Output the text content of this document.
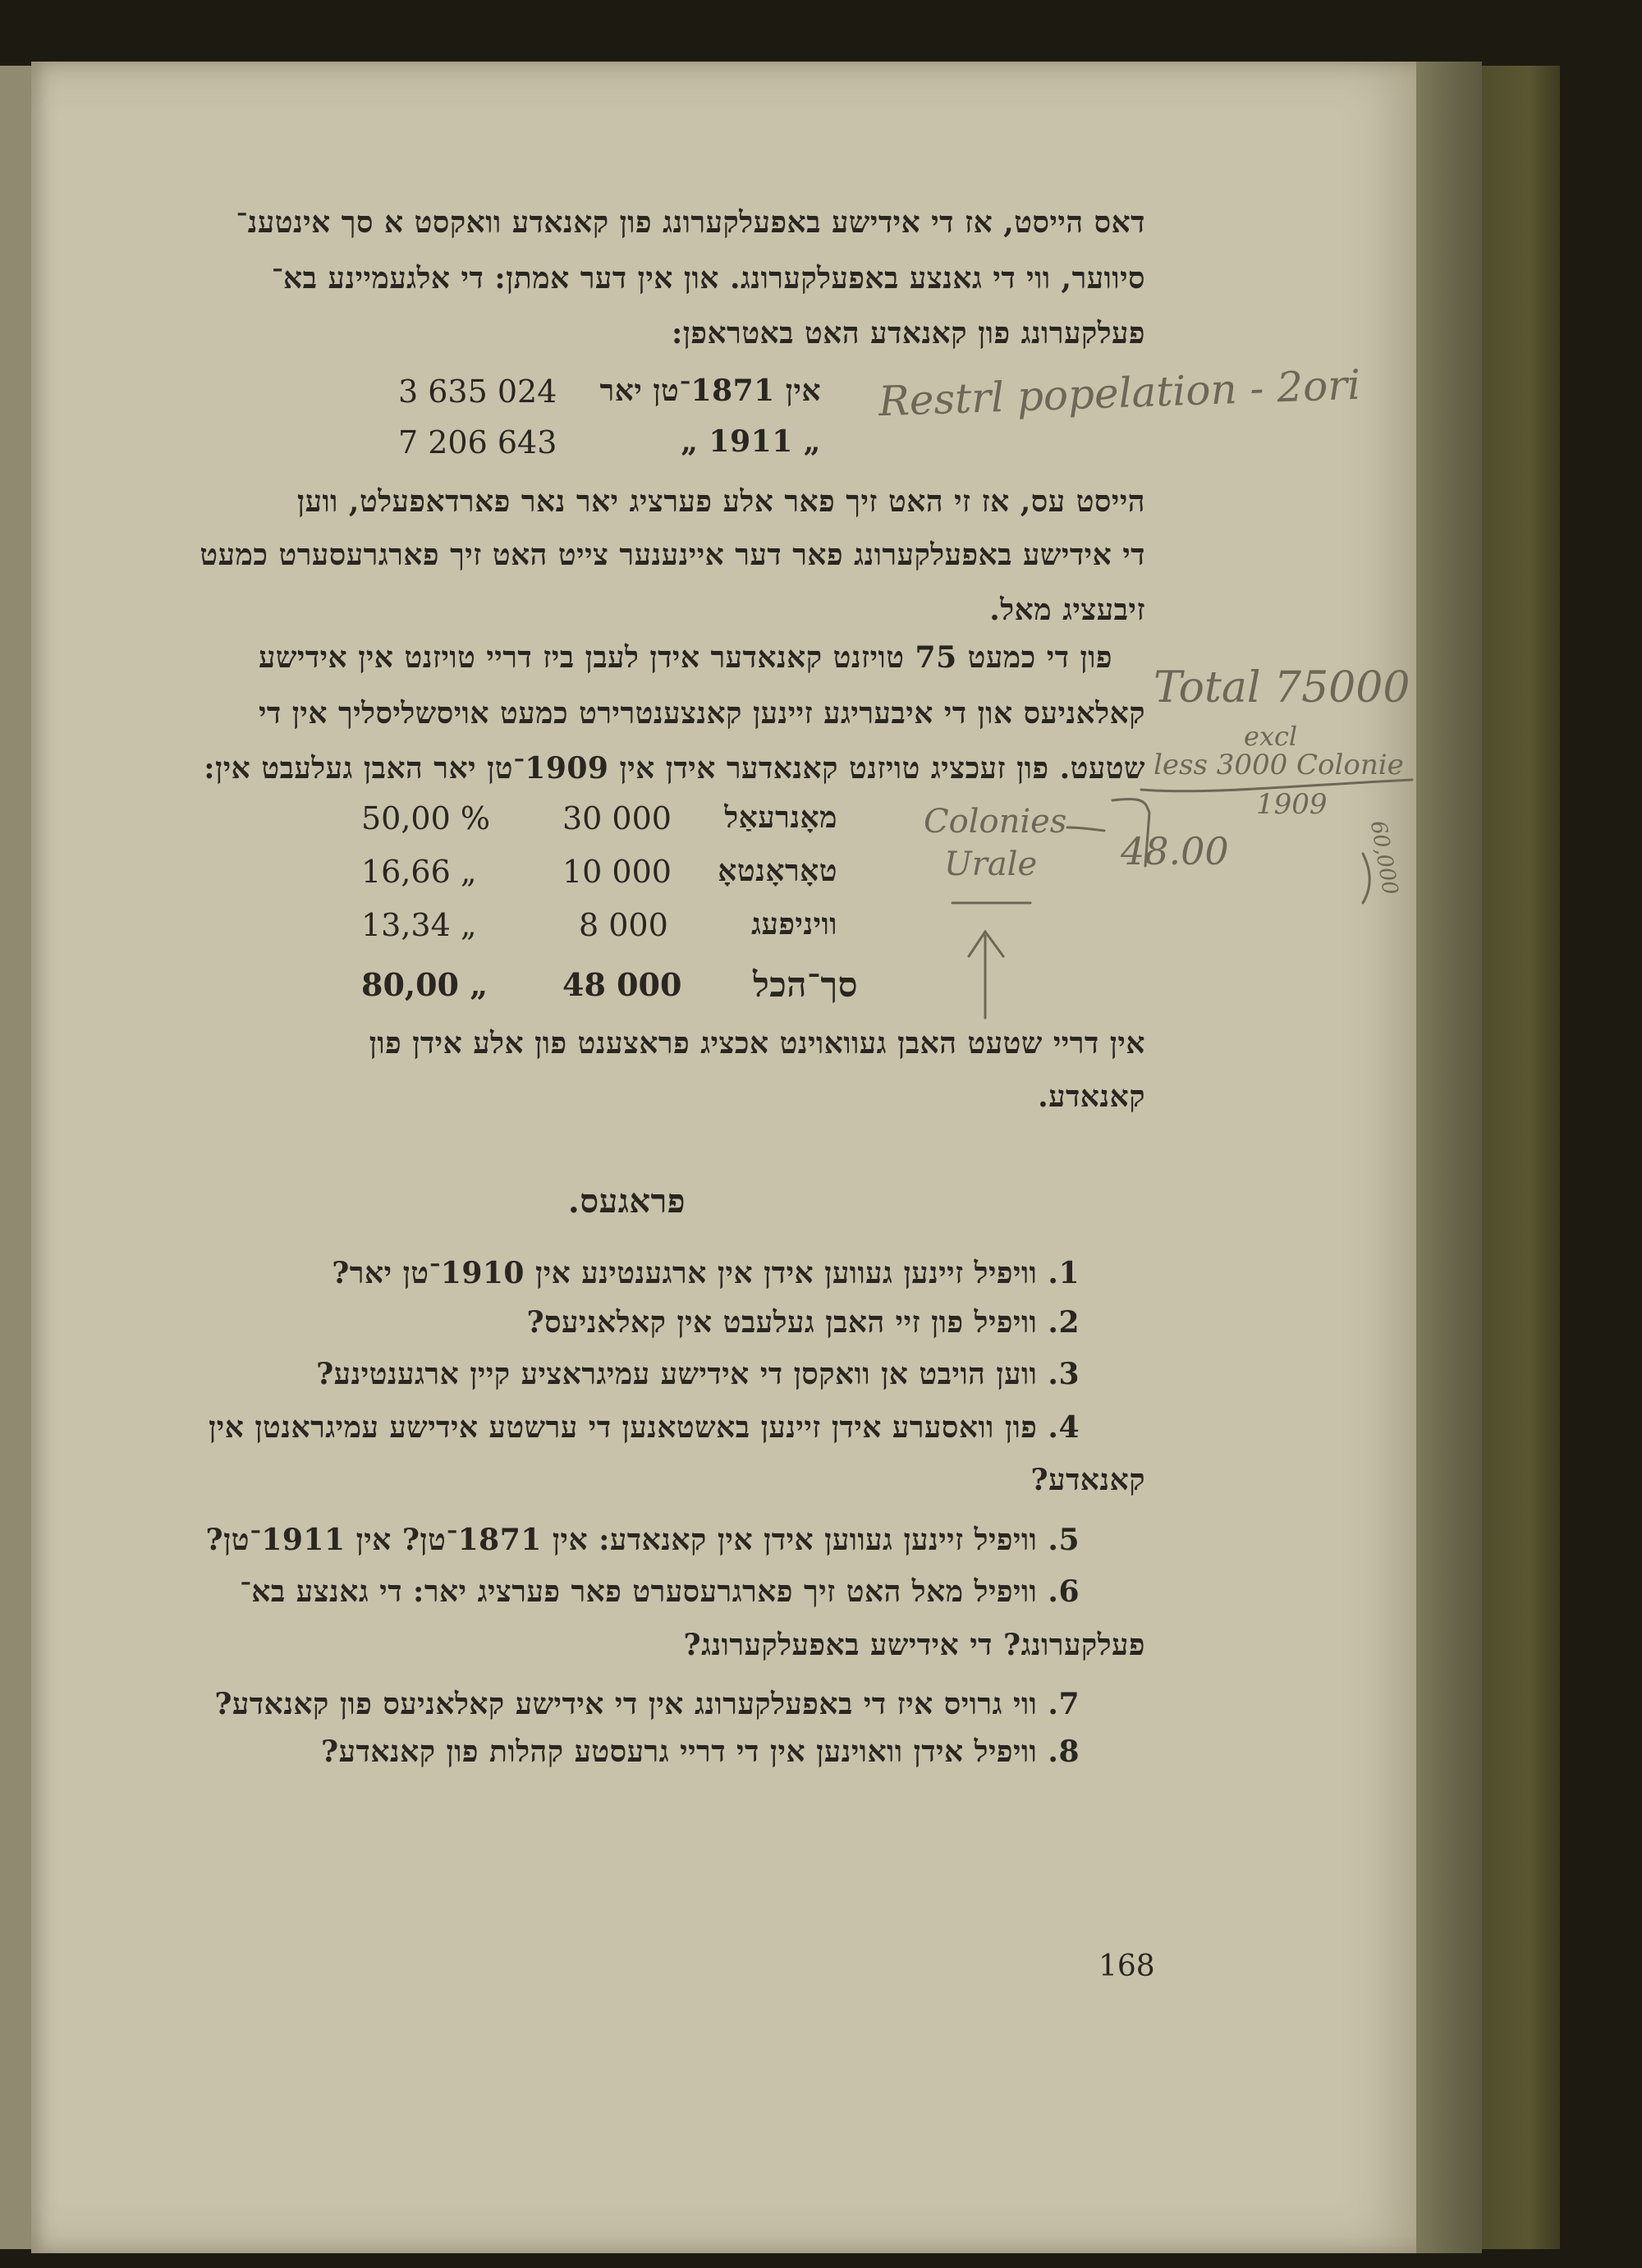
דאס הייסט, אז די אידישע באפעלקערונג פון קאנאדע וואקסט א סך אינטענ־
סיווער, ווי די גאנצע באפעלקערונג. און אין דער אמתן: די אלגעמיינע בא־
פעלקערונג פון קאנאדע האט באטראפן:
אין 1871־טן יאר
3 635 024
„ 1911 „
7 206 643
הייסט עס, אז זי האט זיך פאר אלע פערציג יאר נאר פארדאפעלט, ווען
די אידישע באפעלקערונג פאר דער איינענער צייט האט זיך פארגרעסערט כמעט
זיבעציג מאל.
פון די כמעט 75 טויזנט קאנאדער אידן לעבן ביז דריי טויזנט אין אידישע
קאלאניעס און די איבעריגע זיינען קאנצענטרירט כמעט אויסשליסליך אין די
שטעט. פון זעכציג טויזנט קאנאדער אידן אין 1909־טן יאר האבן געלעבט אין:
מאָנרעאַל
30 000
50,00 %
טאָראָנטאָ
10 000
16,66 „
וויניפעג
8 000
13,34 „
סך־הכל
48 000
80,00 „
אין דריי שטעט האבן געוואוינט אכציג פראצענט פון אלע אידן פון
קאנאדע.
פראגעס.
1. וויפיל זיינען געווען אידן אין ארגענטינע אין 1910־טן יאר?
2. וויפיל פון זיי האבן געלעבט אין קאלאניעס?
3. ווען הויבט אן וואקסן די אידישע עמיגראציע קיין ארגענטינע?
4. פון וואסערע אידן זיינען באשטאנען די ערשטע אידישע עמיגראנטן אין
קאנאדע?
5. וויפיל זיינען געווען אידן אין קאנאדע: אין 1871־טן? אין 1911־טן?
6. וויפיל מאל האט זיך פארגרעסערט פאר פערציג יאר: די גאנצע בא־
פעלקערונג? די אידישע באפעלקערונג?
7. ווי גרויס איז די באפעלקערונג אין די אידישע קאלאניעס פון קאנאדע?
8. וויפיל אידן וואוינען אין די דריי גרעסטע קהלות פון קאנאדע?
168
Restrl popelation - 2ori
Total 75000
excl
less 3000 Colonie
1909
60,000
Colonies
Urale 48.00
